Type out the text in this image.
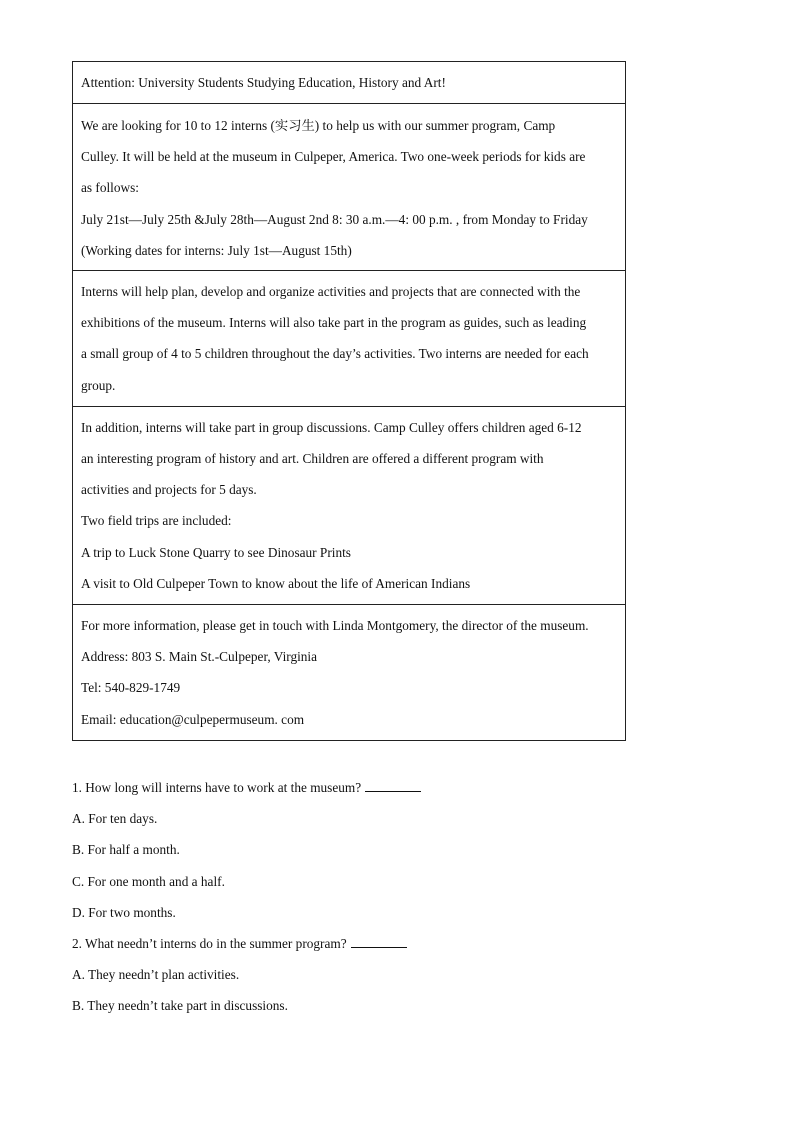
Attention: University Students Studying Education, History and Art!

We are looking for 10 to 12 interns (实习生) to help us with our summer program, Camp
Culley. It will be held at the museum in Culpeper, America. Two one-week periods for kids are
as follows:
July 21st—July 25th &July 28th—August 2nd 8: 30 a.m.—4: 00 p.m. , from Monday to Friday
(Working dates for interns: July 1st—August 15th)

Interns will help plan, develop and organize activities and projects that are connected with the
exhibitions of the museum. Interns will also take part in the program as guides, such as leading
a small group of 4 to 5 children throughout the day’s activities. Two interns are needed for each
group.

In addition, interns will take part in group discussions. Camp Culley offers children aged 6-12
an interesting program of history and art. Children are offered a different program with
activities and projects for 5 days.
Two field trips are included:
A trip to Luck Stone Quarry to see Dinosaur Prints
A visit to Old Culpeper Town to know about the life of American Indians

For more information, please get in touch with Linda Montgomery, the director of the museum.
Address: 803 S. Main St.-Culpeper, Virginia
Tel: 540-829-1749
Email: education@culpepermuseum. com
1. How long will interns have to work at the museum?
A. For ten days.
B. For half a month.
C. For one month and a half.
D. For two months.
2. What needn’t interns do in the summer program?
A. They needn’t plan activities.
B. They needn’t take part in discussions.
